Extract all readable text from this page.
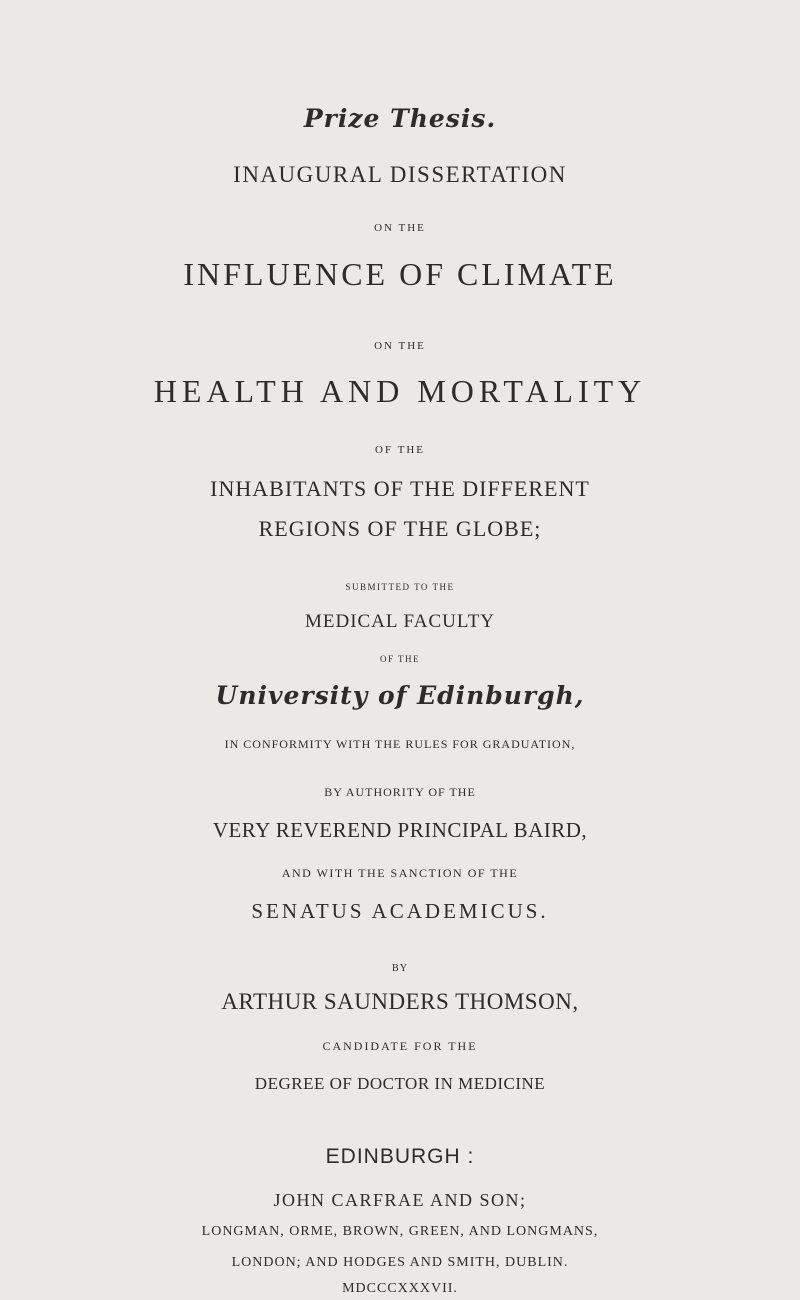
Prize Thesis.
INAUGURAL DISSERTATION
ON THE
INFLUENCE OF CLIMATE
ON THE
HEALTH AND MORTALITY
OF THE
INHABITANTS OF THE DIFFERENT
REGIONS OF THE GLOBE;
SUBMITTED TO THE
MEDICAL FACULTY
OF THE
University of Edinburgh,
IN CONFORMITY WITH THE RULES FOR GRADUATION,
BY AUTHORITY OF THE
VERY REVEREND PRINCIPAL BAIRD,
AND WITH THE SANCTION OF THE
SENATUS ACADEMICUS.
BY
ARTHUR SAUNDERS THOMSON,
CANDIDATE FOR THE
DEGREE OF DOCTOR IN MEDICINE
EDINBURGH :
JOHN CARFRAE AND SON;
LONGMAN, ORME, BROWN, GREEN, AND LONGMANS,
LONDON; AND HODGES AND SMITH, DUBLIN.
MDCCCXXXVII.
